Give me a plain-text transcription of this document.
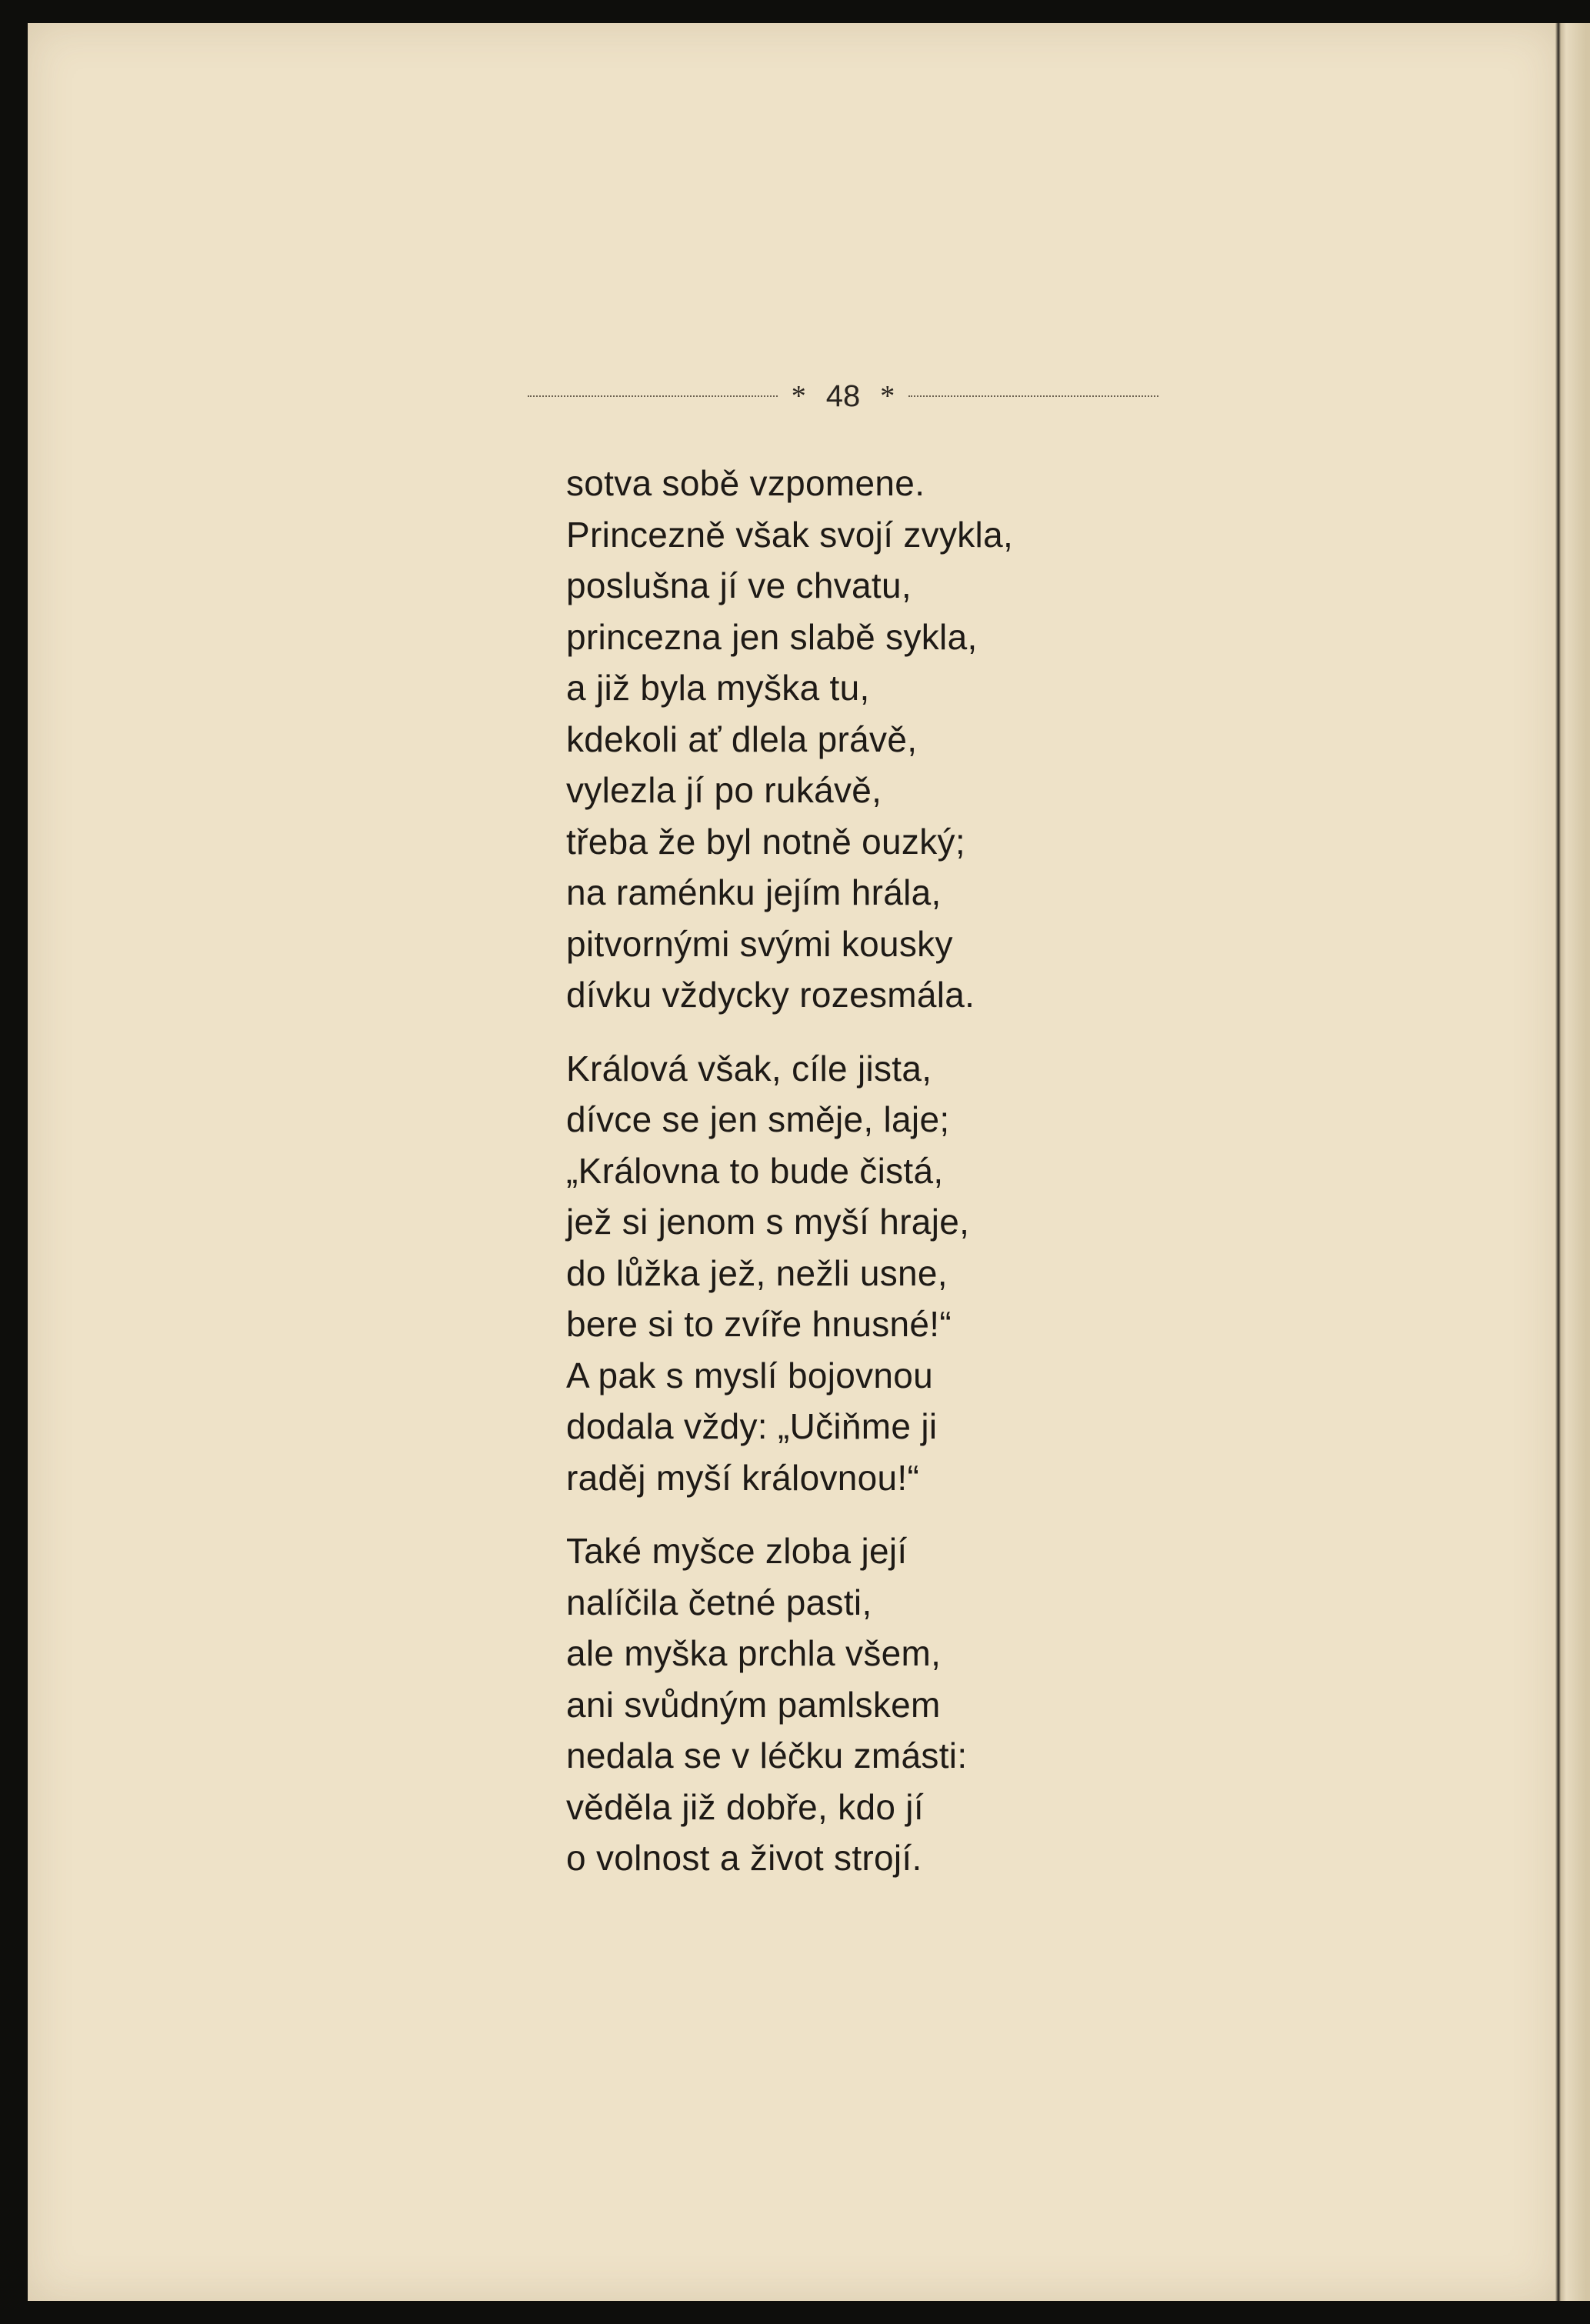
* 48 *

sotva sobě vzpomene.
Princezně však svojí zvykla,
poslušna jí ve chvatu,
princezna jen slabě sykla,
a již byla myška tu,
kdekoli ať dlela právě,
vylezla jí po rukávě,
třeba že byl notně ouzký;
na raménku jejím hrála,
pitvornými svými kousky
dívku vždycky rozesmála.

Králová však, cíle jista,
dívce se jen směje, laje;
„Královna to bude čistá,
jež si jenom s myší hraje,
do lůžka jež, nežli usne,
bere si to zvíře hnusné!“
A pak s myslí bojovnou
dodala vždy: „Učiňme ji
raděj myší královnou!“

Také myšce zloba její
nalíčila četné pasti,
ale myška prchla všem,
ani svůdným pamlskem
nedala se v léčku zmásti:
věděla již dobře, kdo jí
o volnost a život strojí.
